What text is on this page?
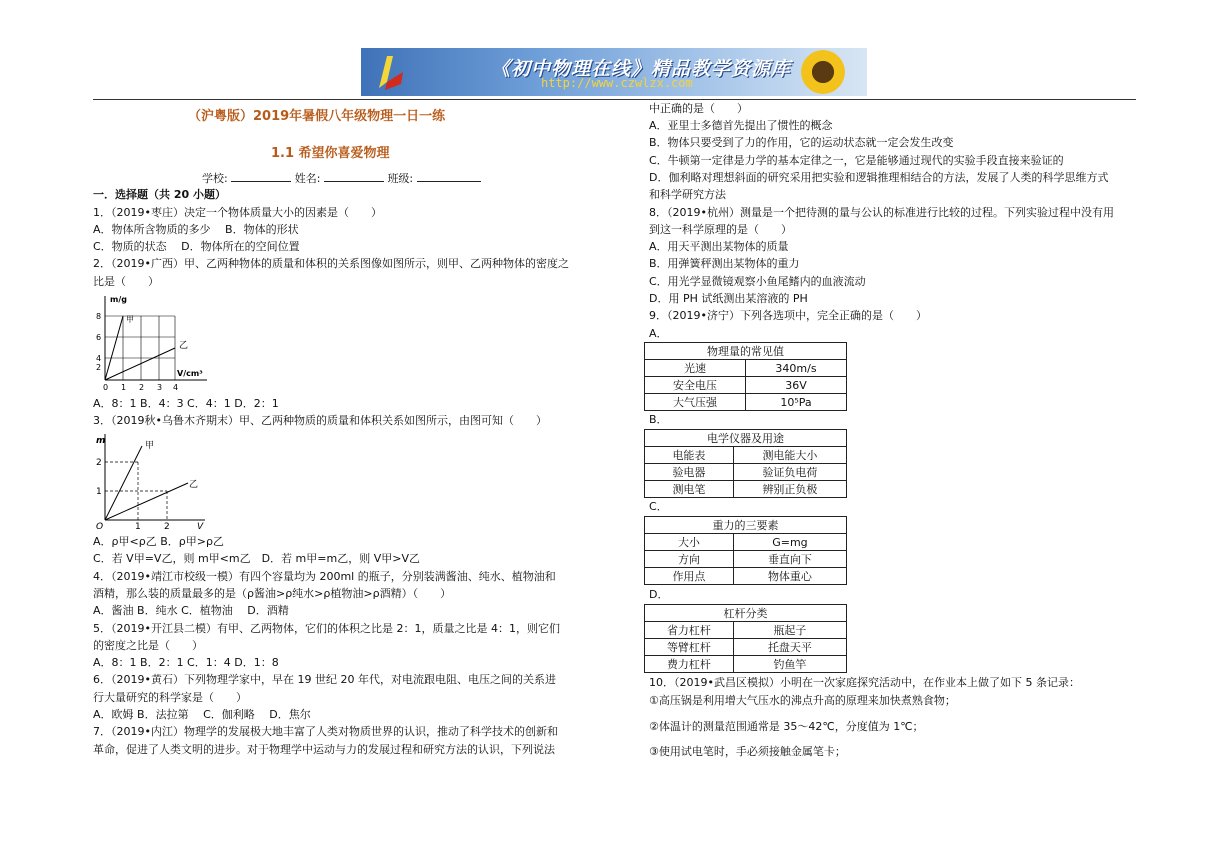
《初中物理在线》精品教学资源库
http://www.czwlzx.com
（沪粤版）2019年暑假八年级物理一日一练
1.1 希望你喜爱物理
学校:	姓名:	班级:
一．选择题（共 20 小题）
1．（2019•枣庄）决定一个物体质量大小的因素是（　　）
A．物体所含物质的多少　 B．物体的形状
C．物质的状态　 D．物体所在的空间位置
2．（2019•广西）甲、乙两种物体的质量和体积的关系图像如图所示，则甲、乙两种物体的密度之
比是（　　）
m/g
V/cm³
8
6
4
2
0 1 2 3 4
甲
乙
A．8：1 B．4：3 C．4：1 D．2：1
3．（2019秋•乌鲁木齐期末）甲、乙两种物质的质量和体积关系如图所示，由图可知（　　）
m
V
2
1
O	1	2
甲
乙
A．ρ甲<ρ乙 B．ρ甲>ρ乙
C．若 V甲=V乙，则 m甲<m乙　D．若 m甲=m乙，则 V甲>V乙
4．（2019•靖江市校级一模）有四个容量均为 200ml 的瓶子，分别装满酱油、纯水、植物油和
酒精，那么装的质量最多的是（ρ酱油>ρ纯水>ρ植物油>ρ酒精）（　　）
A．酱油 B．纯水 C．植物油　 D．酒精
5．（2019•开江县二模）有甲、乙两物体，它们的体积之比是 2：1，质量之比是 4：1，则它们
的密度之比是（　　）
A．8：1 B．2：1 C．1：4 D．1：8
6．（2019•黄石）下列物理学家中，早在 19 世纪 20 年代，对电流跟电阻、电压之间的关系进
行大量研究的科学家是（　　）
A．欧姆 B．法拉第　 C．伽利略　 D．焦尔
7．（2019•内江）物理学的发展极大地丰富了人类对物质世界的认识，推动了科学技术的创新和
革命，促进了人类文明的进步。对于物理学中运动与力的发展过程和研究方法的认识，下列说法
中正确的是（　　）
A．亚里士多德首先提出了惯性的概念
B．物体只要受到了力的作用，它的运动状态就一定会发生改变
C．牛顿第一定律是力学的基本定律之一，它是能够通过现代的实验手段直接来验证的
D．伽利略对理想斜面的研究采用把实验和逻辑推理相结合的方法，发展了人类的科学思维方式
和科学研究方法
8．（2019•杭州）测量是一个把待测的量与公认的标准进行比较的过程。下列实验过程中没有用
到这一科学原理的是（　　）
A．用天平测出某物体的质量
B．用弹簧秤测出某物体的重力
C．用光学显微镜观察小鱼尾鳍内的血液流动
D．用 PH 试纸测出某溶液的 PH
9．（2019•济宁）下列各选项中，完全正确的是（　　）
A．
物理量的常见值	
光速	340m/s
安全电压	36V
大气压强	10⁵Pa
B．
电学仪器及用途	
电能表	测电能大小
验电器	验证负电荷
测电笔	辨别正负极
C．
重力的三要素	
大小	G=mg
方向	垂直向下
作用点	物体重心
D．
杠杆分类	
省力杠杆	瓶起子
等臂杠杆	托盘天平
费力杠杆	钓鱼竿
10．（2019•武昌区模拟）小明在一次家庭探究活动中，在作业本上做了如下 5 条记录：
①高压锅是利用增大气压水的沸点升高的原理来加快煮熟食物；
②体温计的测量范围通常是 35～42℃，分度值为 1℃；
③使用试电笔时，手必须接触金属笔卡；
